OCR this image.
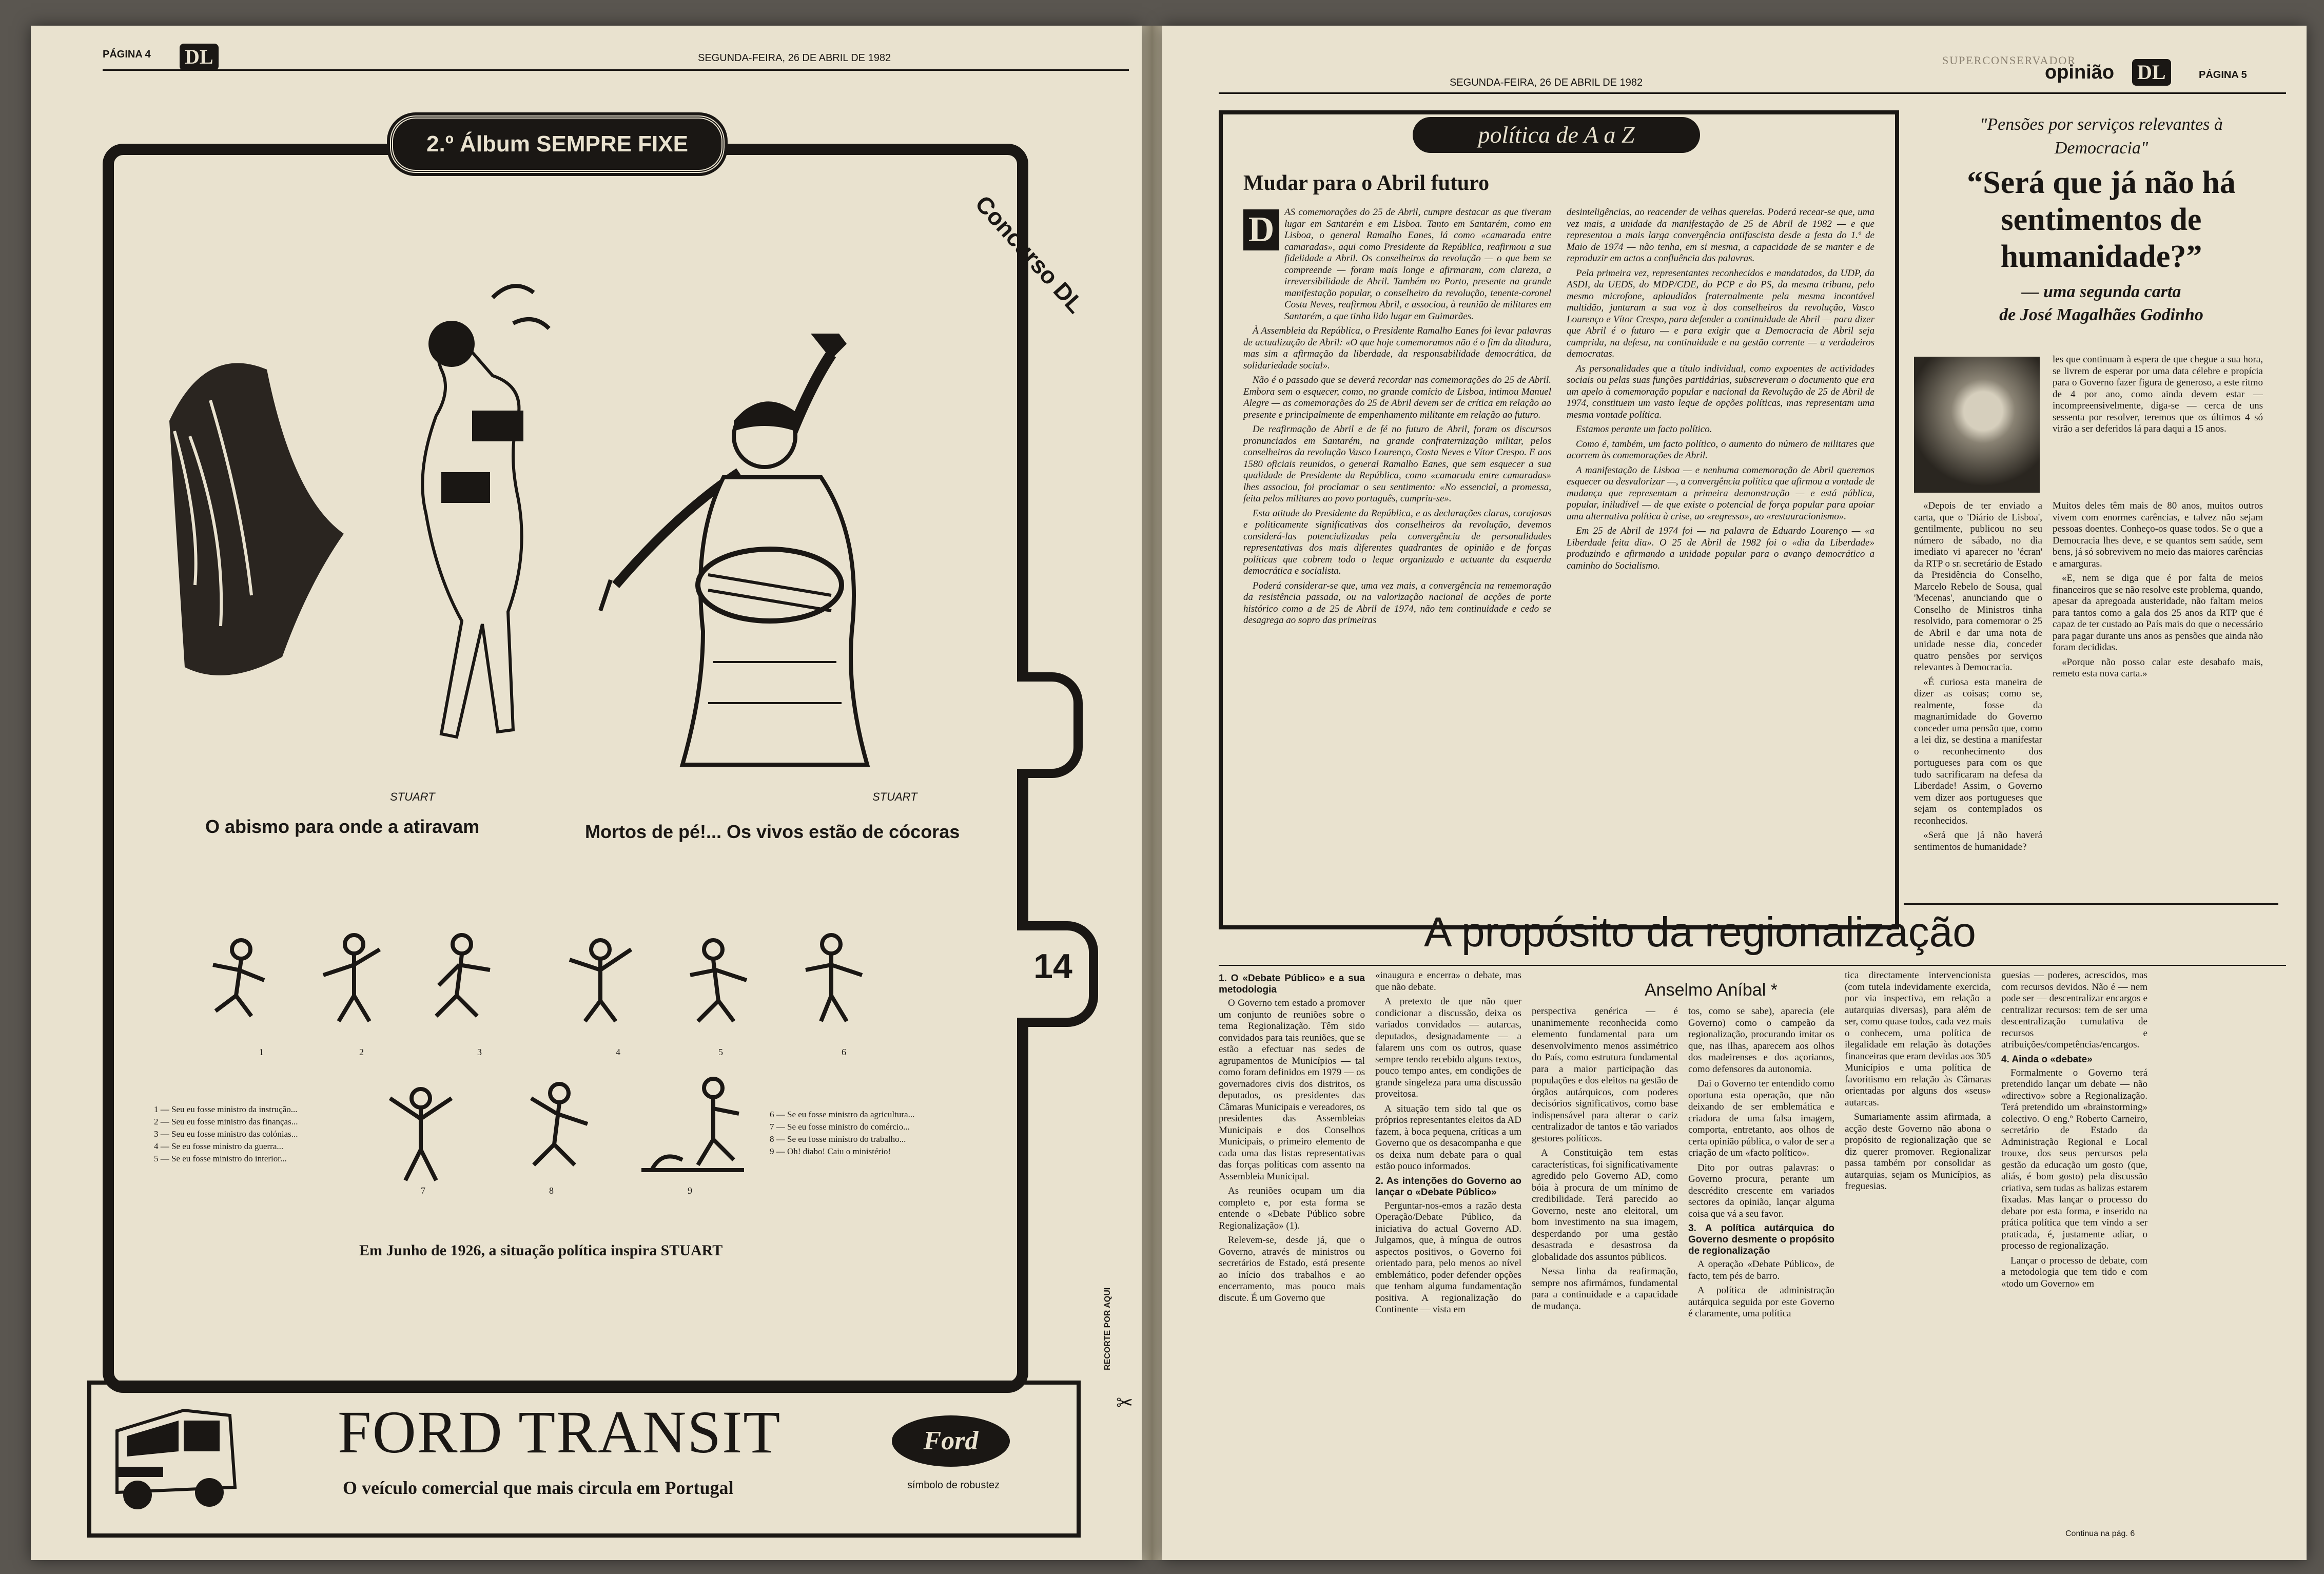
PÁGINA 4 DL	SEGUNDA-FEIRA, 26 DE ABRIL DE 1982
14
2.º Álbum SEMPRE FIXE
Concurso DL
STUART
STUART
O abismo para onde a atiravam	Mortos de pé!... Os vivos estão de cócoras
1	2	3	4	5	6
7	8	9
1 — Seu eu fosse ministro da instrução...
2 — Seu eu fosse ministro das finanças...
3 — Seu eu fosse ministro das colónias...
4 — Se eu fosse ministro da guerra...
5 — Se eu fosse ministro do interior...
6 — Se eu fosse ministro da agricultura...
7 — Se eu fosse ministro do comércio...
8 — Se eu fosse ministro do trabalho...
9 — Oh! diabo! Caiu o ministério!
Em Junho de 1926, a situação política inspira STUART
RECORTE POR AQUI
✂
FORD TRANSIT
O veículo comercial que mais circula em Portugal
Ford
símbolo de robustez
SEGUNDA-FEIRA, 26 DE ABRIL DE 1982
SUPERCONSERVADOR
opinião DL	PÁGINA 5
política de A a Z
Mudar para o Abril futuro
D	AS comemorações do 25 de Abril, cumpre destacar as que tiveram lugar em Santarém e em Lisboa. Tanto em Santarém, como em Lisboa, o general Ramalho Eanes, lá como «camarada entre camaradas», aqui como Presidente da República, reafirmou a sua fidelidade a Abril. Os conselheiros da revolução — o que bem se compreende — foram mais longe e afirmaram, com clareza, a irreversibilidade de Abril. Também no Porto, presente na grande manifestação popular, o conselheiro da revolução, tenente-coronel Costa Neves, reafirmou Abril, e associou, à reunião de militares em Santarém, a que tinha lido lugar em Guimarães.

À Assembleia da República, o Presidente Ramalho Eanes foi levar palavras de actualização de Abril: «O que hoje comemoramos não é o fim da ditadura, mas sim a afirmação da liberdade, da responsabilidade democrática, da solidariedade social».

Não é o passado que se deverá recordar nas comemorações do 25 de Abril. Embora sem o esquecer, como, no grande comício de Lisboa, intimou Manuel Alegre — as comemorações do 25 de Abril devem ser de crítica em relação ao presente e principalmente de empenhamento militante em relação ao futuro.

De reafirmação de Abril e de fé no futuro de Abril, foram os discursos pronunciados em Santarém, na grande confraternização militar, pelos conselheiros da revolução Vasco Lourenço, Costa Neves e Vítor Crespo. E aos 1580 oficiais reunidos, o general Ramalho Eanes, que sem esquecer a sua qualidade de Presidente da República, como «camarada entre camaradas» lhes associou, foi proclamar o seu sentimento: «No essencial, a promessa, feita pelos militares ao povo português, cumpriu-se».

Esta atitude do Presidente da República, e as declarações claras, corajosas e politicamente significativas dos conselheiros da revolução, devemos considerá-las potencializadas pela convergência de personalidades representativas dos mais diferentes quadrantes de opinião e de forças políticas que cobrem todo o leque organizado e actuante da esquerda democrática e socialista.

Poderá considerar-se que, uma vez mais, a convergência na rememoração da resistência passada, ou na valorização nacional de acções de porte histórico como a de 25 de Abril de 1974, não tem continuidade e cedo se desagrega ao sopro das primeiras

desinteligências, ao reacender de velhas querelas. Poderá recear-se que, uma vez mais, a unidade da manifestação de 25 de Abril de 1982 — e que representou a mais larga convergência antifascista desde a festa do 1.º de Maio de 1974 — não tenha, em si mesma, a capacidade de se manter e de reproduzir em actos a confluência das palavras.

Pela primeira vez, representantes reconhecidos e mandatados, da UDP, da ASDI, da UEDS, do MDP/CDE, do PCP e do PS, da mesma tribuna, pelo mesmo microfone, aplaudidos fraternalmente pela mesma incontável multidão, juntaram a sua voz à dos conselheiros da revolução, Vasco Lourenço e Vítor Crespo, para defender a continuidade de Abril — para dizer que Abril é o futuro — e para exigir que a Democracia de Abril seja cumprida, na defesa, na continuidade e na gestão corrente — a verdadeiros democratas.

As personalidades que a título individual, como expoentes de actividades sociais ou pelas suas funções partidárias, subscreveram o documento que era um apelo à comemoração popular e nacional da Revolução de 25 de Abril de 1974, constituem um vasto leque de opções políticas, mas representam uma mesma vontade política.

Estamos perante um facto político.

Como é, também, um facto político, o aumento do número de militares que acorrem às comemorações de Abril.

A manifestação de Lisboa — e nenhuma comemoração de Abril queremos esquecer ou desvalorizar —, a convergência política que afirmou a vontade de mudança que representam a primeira demonstração — e está pública, popular, iniludível — de que existe o potencial de força popular para apoiar uma alternativa política à crise, ao «regresso», ao «restauracionismo».

Em 25 de Abril de 1974 foi — na palavra de Eduardo Lourenço — «a Liberdade feita dia». O 25 de Abril de 1982 foi o «dia da Liberdade» produzindo e afirmando a unidade popular para o avanço democrático a caminho do Socialismo.

"Pensões por serviços relevantes à Democracia"
“Será que já não há sentimentos de humanidade?”
— uma segunda carta
de José Magalhães Godinho

les que continuam à espera de que chegue a sua hora, se livrem de esperar por uma data célebre e propícia para o Governo fazer figura de generoso, a este ritmo de 4 por ano, como ainda devem estar — incompreensivelmente, diga-se — cerca de uns sessenta por resolver, teremos que os últimos 4 só virão a ser deferidos lá para daqui a 15 anos.

«Depois de ter enviado a carta, que o 'Diário de Lisboa', gentilmente, publicou no seu número de sábado, no dia imediato vi aparecer no 'écran' da RTP o sr. secretário de Estado da Presidência do Conselho, Marcelo Rebelo de Sousa, qual 'Mecenas', anunciando que o Conselho de Ministros tinha resolvido, para comemorar o 25 de Abril e dar uma nota de unidade nesse dia, conceder quatro pensões por serviços relevantes à Democracia.

«É curiosa esta maneira de dizer as coisas; como se, realmente, fosse da magnanimidade do Governo conceder uma pensão que, como a lei diz, se destina a manifestar o reconhecimento dos portugueses para com os que tudo sacrificaram na defesa da Liberdade! Assim, o Governo vem dizer aos portugueses que sejam os contemplados os reconhecidos.

«Será que já não haverá sentimentos de humanidade?

Muitos deles têm mais de 80 anos, muitos outros vivem com enormes carências, e talvez não sejam pessoas doentes. Conheço-os quase todos. Se o que a Democracia lhes deve, e se quantos sem saúde, sem bens, já só sobrevivem no meio das maiores carências e amarguras.

«E, nem se diga que é por falta de meios financeiros que se não resolve este problema, quando, apesar da apregoada austeridade, não faltam meios para tantos como a gala dos 25 anos da RTP que é capaz de ter custado ao País mais do que o necessário para pagar durante uns anos as pensões que ainda não foram decididas.

«Porque não posso calar este desabafo mais, remeto esta nova carta.»

A propósito da regionalização
Anselmo Aníbal *
1. O «Debate Público» e a sua metodologia

O Governo tem estado a promover um conjunto de reuniões sobre o tema Regionalização. Têm sido convidados para tais reuniões, que se estão a efectuar nas sedes de agrupamentos de Municípios — tal como foram definidos em 1979 — os governadores civis dos distritos, os deputados, os presidentes das Câmaras Municipais e vereadores, os presidentes das Assembleias Municipais e dos Conselhos Municipais, o primeiro elemento de cada uma das listas representativas das forças políticas com assento na Assembleia Municipal.

As reuniões ocupam um dia completo e, por esta forma se entende o «Debate Público sobre Regionalização» (1).

Relevem-se, desde já, que o Governo, através de ministros ou secretários de Estado, está presente ao início dos trabalhos e ao encerramento, mas pouco mais discute. É um Governo que

«inaugura e encerra» o debate, mas que não debate.

A pretexto de que não quer condicionar a discussão, deixa os variados convidados — autarcas, deputados, designadamente — a falarem uns com os outros, quase sempre tendo recebido alguns textos, pouco tempo antes, em condições de grande singeleza para uma discussão proveitosa.

A situação tem sido tal que os próprios representantes eleitos da AD fazem, à boca pequena, críticas a um Governo que os desacompanha e que os deixa num debate para o qual estão pouco informados.

2. As intenções do Governo ao lançar o «Debate Público»

Perguntar-nos-emos a razão desta Operação/Debate Público, da iniciativa do actual Governo AD. Julgamos, que, à míngua de outros aspectos positivos, o Governo foi orientado para, pelo menos ao nível emblemático, poder defender opções que tenham alguma fundamentação positiva. A regionalização do Continente — vista em

perspectiva genérica — é unanimemente reconhecida como elemento fundamental para um desenvolvimento menos assimétrico do País, como estrutura fundamental para a maior participação das populações e dos eleitos na gestão de órgãos autárquicos, com poderes decisórios significativos, como base indispensável para alterar o cariz centralizador de tantos e tão variados gestores políticos.

A Constituição tem estas características, foi significativamente agredido pelo Governo AD, como bóia à procura de um mínimo de credibilidade. Terá parecido ao Governo, neste ano eleitoral, um bom investimento na sua imagem, desperdando por uma gestão desastrada e desastrosa da globalidade dos assuntos públicos.

Nessa linha da reafirmação, sempre nos afirmámos, fundamental para a continuidade e a capacidade de mudança.

tos, como se sabe), aparecia (ele Governo) como o campeão da regionalização, procurando imitar os que, nas ilhas, aparecem aos olhos dos madeirenses e dos açorianos, como defensores da autonomia.

Dai o Governo ter entendido como oportuna esta operação, que não deixando de ser emblemática e criadora de uma falsa imagem, comporta, entretanto, aos olhos de certa opinião pública, o valor de ser a criação de um «facto político».

Dito por outras palavras: o Governo procura, perante um descrédito crescente em variados sectores da opinião, lançar alguma coisa que vá a seu favor.

3. A política autárquica do Governo desmente o propósito de regionalização

A operação «Debate Público», de facto, tem pés de barro.

A política de administração autárquica seguida por este Governo é claramente, uma política

tica directamente intervencionista (com tutela indevidamente exercida, por via inspectiva, em relação a autarquias diversas), para além de ser, como quase todos, cada vez mais o conhecem, uma política de ilegalidade em relação às dotações financeiras que eram devidas aos 305 Municípios e uma política de favoritismo em relação às Câmaras orientadas por alguns dos «seus» autarcas.

Sumariamente assim afirmada, a acção deste Governo não abona o propósito de regionalização que se diz querer promover. Regionalizar passa também por consolidar as autarquias, sejam os Municípios, as freguesias.

guesias — poderes, acrescidos, mas com recursos devidos. Não é — nem pode ser — descentralizar encargos e centralizar recursos: tem de ser uma descentralização cumulativa de recursos e atribuições/competências/encargos.

4. Ainda o «debate»

Formalmente o Governo terá pretendido lançar um debate — não «directivo» sobre a Regionalização. Terá pretendido um «brainstorming» colectivo. O eng.º Roberto Carneiro, secretário de Estado da Administração Regional e Local trouxe, dos seus percursos pela gestão da educação um gosto (que, aliás, é bom gosto) pela discussão criativa, sem tudas as balizas estarem fixadas. Mas lançar o processo do debate por esta forma, e inserido na prática política que tem vindo a ser praticada, é, justamente adiar, o processo de regionalização.

Lançar o processo de debate, com a metodologia que tem tido e com «todo um Governo» em

Continua na pág. 6
